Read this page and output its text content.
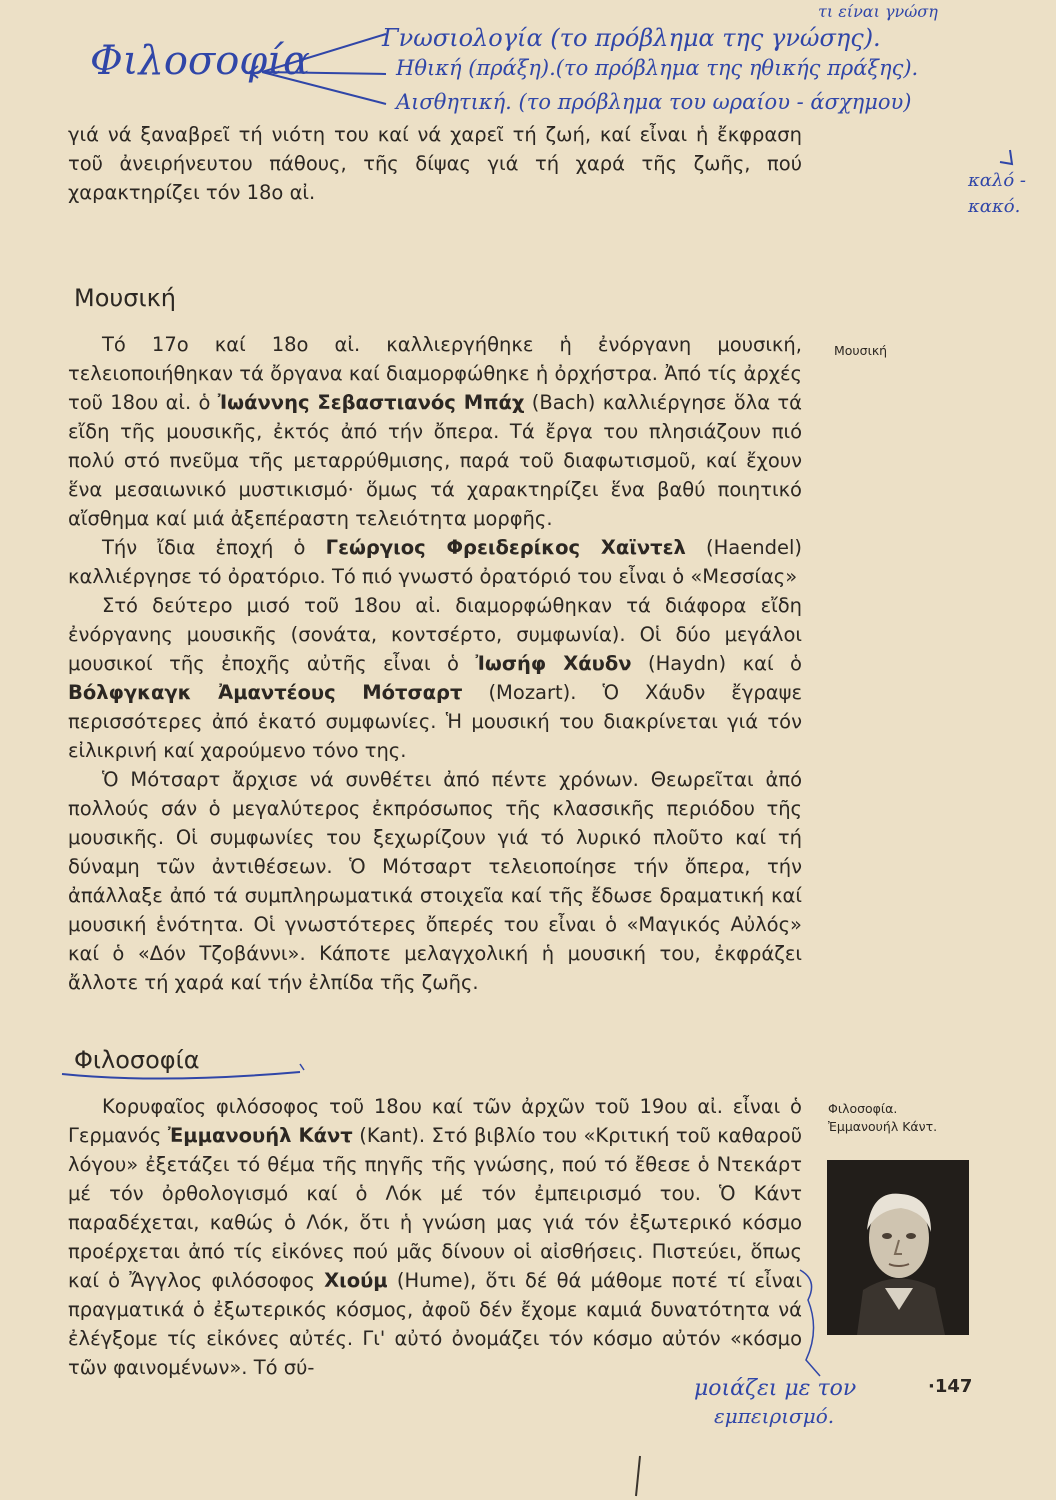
Φιλοσοφία	Γνωσιολογία (το πρόβλημα της γνώσης).
Ηθική (πράξη).(το πρόβλημα της ηθικής πράξης).
Αισθητική. (το πρόβλημα του ωραίου - άσχημου)
τι είναι γνώση
καλό - κακό.

γιά νά ξαναβρεῖ τή νιότη του καί νά χαρεῖ τή ζωή, καί εἶναι ἡ ἔκφραση τοῦ ἀνειρήνευτου πάθους, τῆς δίψας γιά τή χαρά τῆς ζωῆς, πού χαρακτηρίζει τόν 18ο αἰ.

Μουσική
Μουσική

Τό 17ο καί 18ο αἰ. καλλιεργήθηκε ἡ ἐνόργανη μουσική, τελειοποιήθηκαν τά ὄργανα καί διαμορφώθηκε ἡ ὀρχήστρα. Ἀπό τίς ἀρχές τοῦ 18ου αἰ. ὁ Ἰωάννης Σεβαστιανός Μπάχ (Bach) καλλιέργησε ὅλα τά εἴδη τῆς μουσικῆς, ἐκτός ἀπό τήν ὄπερα. Τά ἔργα του πλησιάζουν πιό πολύ στό πνεῦμα τῆς μεταρρύθμισης, παρά τοῦ διαφωτισμοῦ, καί ἔχουν ἕνα μεσαιωνικό μυστικισμό· ὅμως τά χαρακτηρίζει ἕνα βαθύ ποιητικό αἴσθημα καί μιά ἀξεπέραστη τελειότητα μορφῆς.

Τήν ἴδια ἐποχή ὁ Γεώργιος Φρειδερίκος Χαϊντελ (Haendel) καλλιέργησε τό ὀρατόριο. Τό πιό γνωστό ὀρατόριό του εἶναι ὁ «Μεσσίας»

Στό δεύτερο μισό τοῦ 18ου αἰ. διαμορφώθηκαν τά διάφορα εἴδη ἐνόργανης μουσικῆς (σονάτα, κοντσέρτο, συμφωνία). Οἱ δύο μεγάλοι μουσικοί τῆς ἐποχῆς αὐτῆς εἶναι ὁ Ἰωσήφ Χάυδν (Haydn) καί ὁ Βόλφγκαγκ Ἀμαντέους Μότσαρτ (Mozart). Ὁ Χάυδν ἔγραψε περισσότερες ἀπό ἑκατό συμφωνίες. Ἡ μουσική του διακρίνεται γιά τόν εἰλικρινή καί χαρούμενο τόνο της.

Ὁ Μότσαρτ ἄρχισε νά συνθέτει ἀπό πέντε χρόνων. Θεωρεῖται ἀπό πολλούς σάν ὁ μεγαλύτερος ἐκπρόσωπος τῆς κλασσικῆς περιόδου τῆς μουσικῆς. Οἱ συμφωνίες του ξεχωρίζουν γιά τό λυρικό πλοῦτο καί τή δύναμη τῶν ἀντιθέσεων. Ὁ Μότσαρτ τελειοποίησε τήν ὄπερα, τήν ἀπάλλαξε ἀπό τά συμπληρωματικά στοιχεῖα καί τῆς ἔδωσε δραματική καί μουσική ἑνότητα. Οἱ γνωστότερες ὄπερές του εἶναι ὁ «Μαγικός Αὐλός» καί ὁ «Δόν Τζοβάννι». Κάποτε μελαγχολική ἡ μουσική του, ἐκφράζει ἄλλοτε τή χαρά καί τήν ἐλπίδα τῆς ζωῆς.

Φιλοσοφία
Φιλοσοφία.
Ἐμμανουήλ Κάντ.

Κορυφαῖος φιλόσοφος τοῦ 18ου καί τῶν ἀρχῶν τοῦ 19ου αἰ. εἶναι ὁ Γερμανός Ἐμμανουήλ Κάντ (Kant). Στό βιβλίο του «Κριτική τοῦ καθαροῦ λόγου» ἐξετάζει τό θέμα τῆς πηγῆς τῆς γνώσης, πού τό ἔθεσε ὁ Ντεκάρτ μέ τόν ὀρθολογισμό καί ὁ Λόκ μέ τόν ἐμπειρισμό του. Ὁ Κάντ παραδέχεται, καθώς ὁ Λόκ, ὅτι ἡ γνώση μας γιά τόν ἐξωτερικό κόσμο προέρχεται ἀπό τίς εἰκόνες πού μᾶς δίνουν οἱ αἰσθήσεις. Πιστεύει, ὅπως καί ὁ Ἄγγλος φιλόσοφος Χιούμ (Hume), ὅτι δέ θά μάθομε ποτέ τί εἶναι πραγματικά ὁ ἐξωτερικός κόσμος, ἀφοῦ δέν ἔχομε καμιά δυνατότητα νά ἐλέγξομε τίς εἰκόνες αὐτές. Γι' αὐτό ὀνομάζει τόν κόσμο αὐτόν «κόσμο τῶν φαινομένων». Τό σύ-

μοιάζει με τον
εμπειρισμό.
·147
